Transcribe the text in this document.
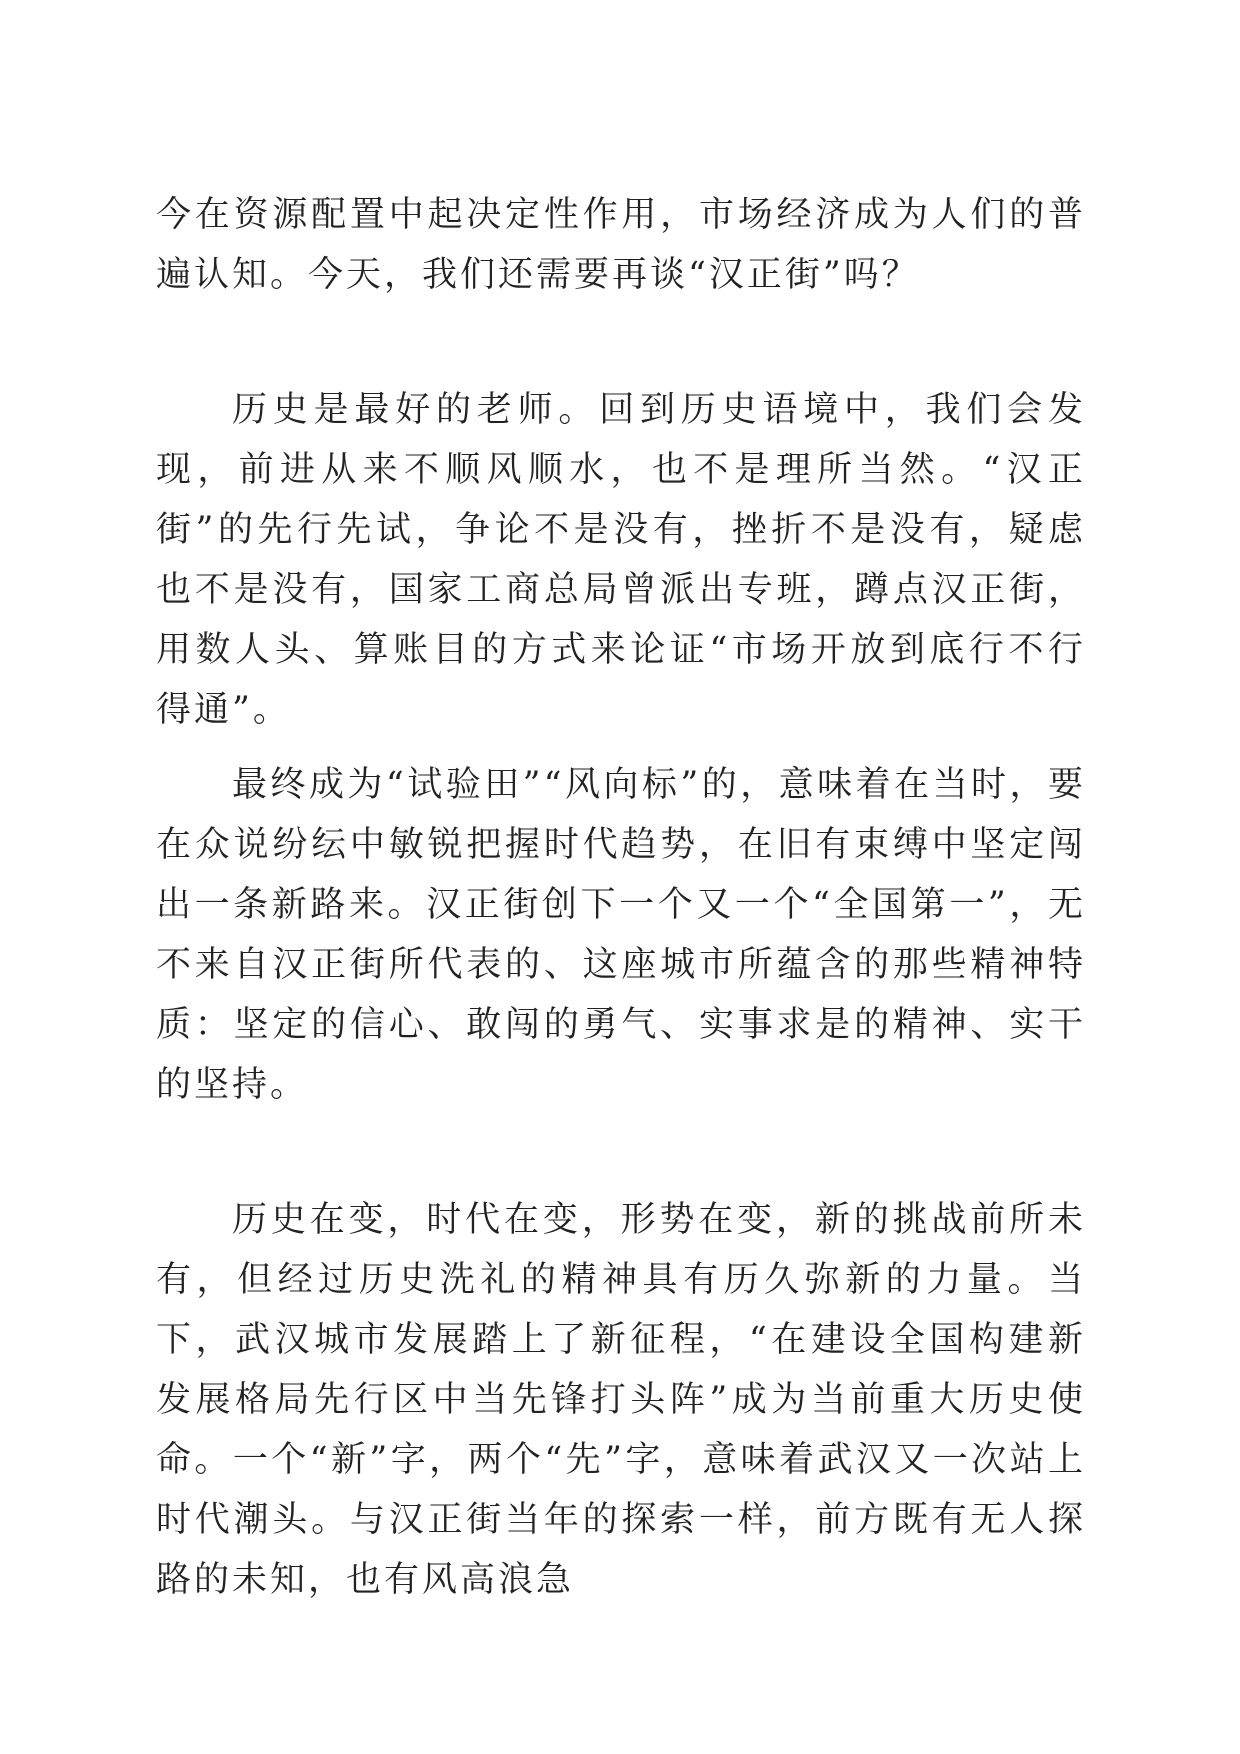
今在资源配置中起决定性作用，市场经济成为人们的普遍认知。今天，我们还需要再谈“汉正街”吗？

历史是最好的老师。回到历史语境中，我们会发现，前进从来不顺风顺水，也不是理所当然。“汉正街”的先行先试，争论不是没有，挫折不是没有，疑虑也不是没有，国家工商总局曾派出专班，蹲点汉正街，用数人头、算账目的方式来论证“市场开放到底行不行得通”。

最终成为“试验田”“风向标”的，意味着在当时，要在众说纷纭中敏锐把握时代趋势，在旧有束缚中坚定闯出一条新路来。汉正街创下一个又一个“全国第一”，无不来自汉正街所代表的、这座城市所蕴含的那些精神特质：坚定的信心、敢闯的勇气、实事求是的精神、实干的坚持。

历史在变，时代在变，形势在变，新的挑战前所未有，但经过历史洗礼的精神具有历久弥新的力量。当下，武汉城市发展踏上了新征程，“在建设全国构建新发展格局先行区中当先锋打头阵”成为当前重大历史使命。一个“新”字，两个“先”字，意味着武汉又一次站上时代潮头。与汉正街当年的探索一样，前方既有无人探路的未知，也有风高浪急
